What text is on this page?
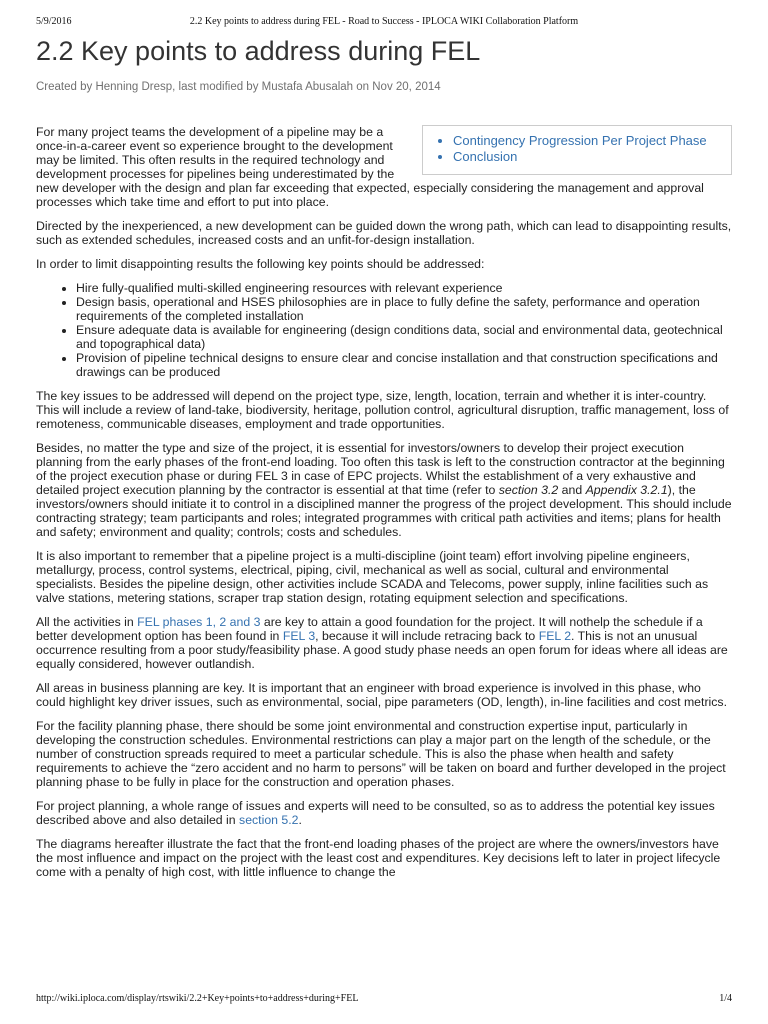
5/9/2016	2.2 Key points to address during FEL - Road to Success - IPLOCA WIKI Collaboration Platform
2.2 Key points to address during FEL
Created by Henning Dresp, last modified by Mustafa Abusalah on Nov 20, 2014
• Contingency Progression Per Project Phase
• Conclusion

For many project teams the development of a pipeline may be a once-in-a-career event so experience brought to the development may be limited. This often results in the required technology and development processes for pipelines being underestimated by the new developer with the design and plan far exceeding that expected, especially considering the management and approval processes which take time and effort to put into place.

Directed by the inexperienced, a new development can be guided down the wrong path, which can lead to disappointing results, such as extended schedules, increased costs and an unfit-for-design installation.

In order to limit disappointing results the following key points should be addressed:

• Hire fully-qualified multi-skilled engineering resources with relevant experience
• Design basis, operational and HSES philosophies are in place to fully define the safety, performance and operation requirements of the completed installation
• Ensure adequate data is available for engineering (design conditions data, social and environmental data, geotechnical and topographical data)
• Provision of pipeline technical designs to ensure clear and concise installation and that construction specifications and drawings can be produced

The key issues to be addressed will depend on the project type, size, length, location, terrain and whether it is inter-country. This will include a review of land-take, biodiversity, heritage, pollution control, agricultural disruption, traffic management, loss of remoteness, communicable diseases, employment and trade opportunities.

Besides, no matter the type and size of the project, it is essential for investors/owners to develop their project execution planning from the early phases of the front-end loading. Too often this task is left to the construction contractor at the beginning of the project execution phase or during FEL 3 in case of EPC projects. Whilst the establishment of a very exhaustive and detailed project execution planning by the contractor is essential at that time (refer to section 3.2 and Appendix 3.2.1), the investors/owners should initiate it to control in a disciplined manner the progress of the project development. This should include contracting strategy; team participants and roles; integrated programmes with critical path activities and items; plans for health and safety; environment and quality; controls; costs and schedules.

It is also important to remember that a pipeline project is a multi-discipline (joint team) effort involving pipeline engineers, metallurgy, process, control systems, electrical, piping, civil, mechanical as well as social, cultural and environmental specialists. Besides the pipeline design, other activities include SCADA and Telecoms, power supply, inline facilities such as valve stations, metering stations, scraper trap station design, rotating equipment selection and specifications.

All the activities in FEL phases 1, 2 and 3 are key to attain a good foundation for the project. It will nothelp the schedule if a better development option has been found in FEL 3, because it will include retracing back to FEL 2. This is not an unusual occurrence resulting from a poor study/feasibility phase. A good study phase needs an open forum for ideas where all ideas are equally considered, however outlandish.

All areas in business planning are key. It is important that an engineer with broad experience is involved in this phase, who could highlight key driver issues, such as environmental, social, pipe parameters (OD, length), in-line facilities and cost metrics.

For the facility planning phase, there should be some joint environmental and construction expertise input, particularly in developing the construction schedules. Environmental restrictions can play a major part on the length of the schedule, or the number of construction spreads required to meet a particular schedule. This is also the phase when health and safety requirements to achieve the “zero accident and no harm to persons” will be taken on board and further developed in the project planning phase to be fully in place for the construction and operation phases.

For project planning, a whole range of issues and experts will need to be consulted, so as to address the potential key issues described above and also detailed in section 5.2.

The diagrams hereafter illustrate the fact that the front-end loading phases of the project are where the owners/investors have the most influence and impact on the project with the least cost and expenditures. Key decisions left to later in project lifecycle come with a penalty of high cost, with little influence to change the

http://wiki.iploca.com/display/rtswiki/2.2+Key+points+to+address+during+FEL	1/4
